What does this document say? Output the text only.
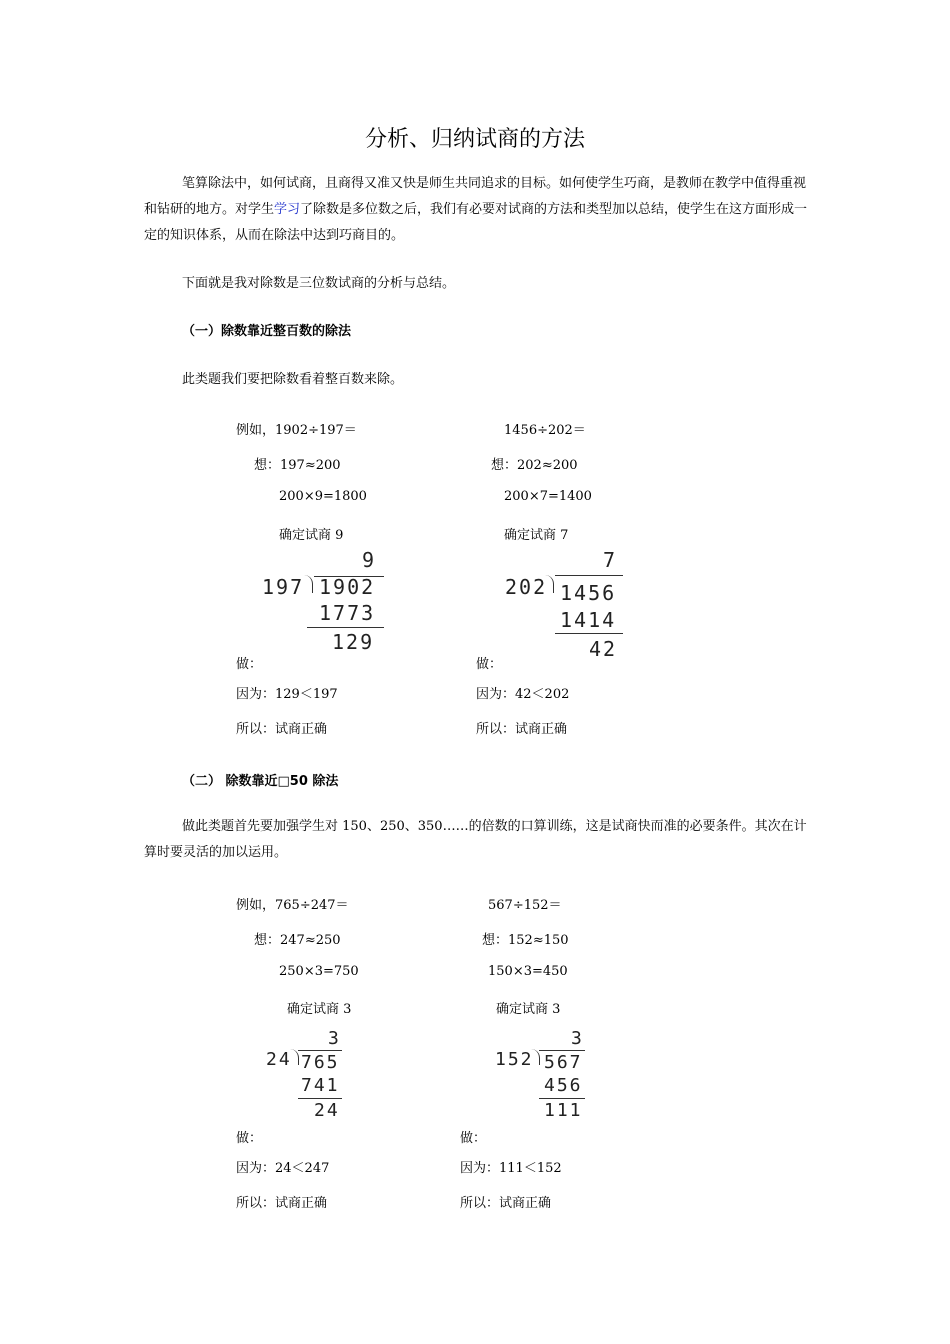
分析、归纳试商的方法
笔算除法中，如何试商，且商得又准又快是师生共同追求的目标。如何使学生巧商，是教师在教学中值得重视和钻研的地方。对学生学习了除数是多位数之后，我们有必要对试商的方法和类型加以总结，使学生在这方面形成一定的知识体系，从而在除法中达到巧商目的。
下面就是我对除数是三位数试商的分析与总结。
（一）除数靠近整百数的除法
此类题我们要把除数看着整百数来除。
例如，1902÷197＝
想：197≈200
200×9=1800
确定试商 9
9
197 1902
1773
129
做：
因为：129＜197
所以：试商正确
1456÷202＝
想：202≈200
200×7=1400
确定试商 7
7
202 1456
1414
42
做：
因为：42＜202
所以：试商正确
（二） 除数靠近□50 除法
做此类题首先要加强学生对 150、250、350……的倍数的口算训练，这是试商快而准的必要条件。其次在计算时要灵活的加以运用。
例如，765÷247＝
想：247≈250
250×3=750
确定试商 3
3
24 765
741
24
做：
因为：24＜247
所以：试商正确
567÷152＝
想：152≈150
150×3=450
确定试商 3
3
152 567
456
111
做：
因为：111＜152
所以：试商正确
